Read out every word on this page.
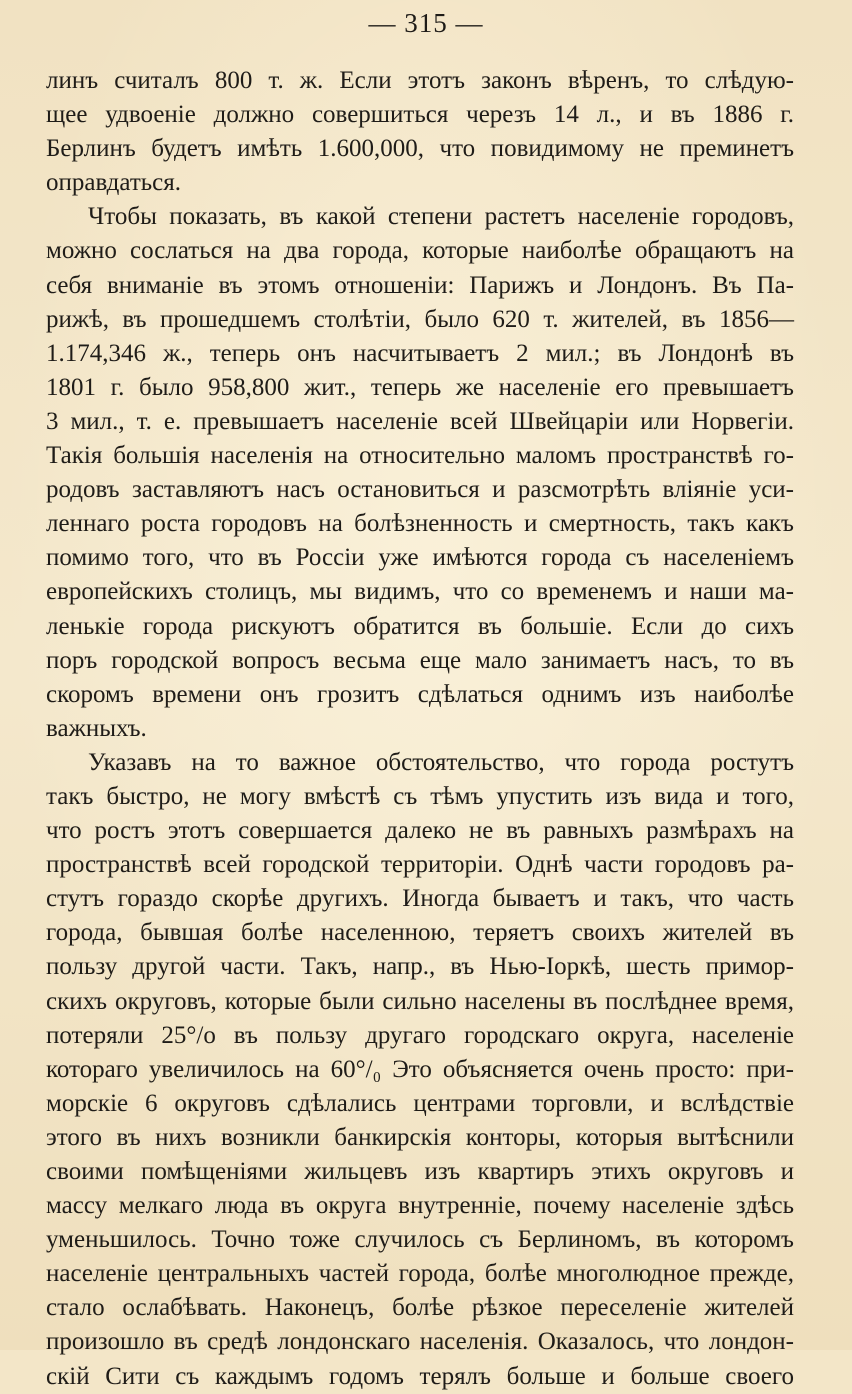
— 315 —
линъ считалъ 800 т. ж. Если этотъ законъ вѣренъ, то слѣдую-
щее удвоеніе должно совершиться черезъ 14 л., и въ 1886 г.
Берлинъ будетъ имѣть 1.600,000, что повидимому не преминетъ
оправдаться.
Чтобы показать, въ какой степени растетъ населеніе городовъ,
можно сослаться на два города, которые наиболѣе обращаютъ на
себя вниманіе въ этомъ отношеніи: Парижъ и Лондонъ. Въ Па-
рижѣ, въ прошедшемъ столѣтіи, было 620 т. жителей, въ 1856—
1.174,346 ж., теперь онъ насчитываетъ 2 мил.; въ Лондонѣ въ
1801 г. было 958,800 жит., теперь же населеніе его превышаетъ
3 мил., т. е. превышаетъ населеніе всей Швейцаріи или Норвегіи.
Такія большія населенія на относительно маломъ пространствѣ го-
родовъ заставляютъ насъ остановиться и разсмотрѣть вліяніе уси-
леннаго роста городовъ на болѣзненность и смертность, такъ какъ
помимо того, что въ Россіи уже имѣются города съ населеніемъ
европейскихъ столицъ, мы видимъ, что со временемъ и наши ма-
ленькіе города рискуютъ обратится въ большіе. Если до сихъ
поръ городской вопросъ весьма еще мало занимаетъ насъ, то въ
скоромъ времени онъ грозитъ сдѣлаться однимъ изъ наиболѣе
важныхъ.
Указавъ на то важное обстоятельство, что города ростутъ
такъ быстро, не могу вмѣстѣ съ тѣмъ упустить изъ вида и того,
что ростъ этотъ совершается далеко не въ равныхъ размѣрахъ на
пространствѣ всей городской территоріи. Однѣ части городовъ ра-
стутъ гораздо скорѣе другихъ. Иногда бываетъ и такъ, что часть
города, бывшая болѣе населенною, теряетъ своихъ жителей въ
пользу другой части. Такъ, напр., въ Нью-Іоркѣ, шесть примор-
скихъ округовъ, которые были сильно населены въ послѣднее время,
потеряли 25°/о въ пользу другаго городскаго округа, населеніе
котораго увеличилось на 60°/₀ Это объясняется очень просто: при-
морскіе 6 округовъ сдѣлались центрами торговли, и вслѣдствіе
этого въ нихъ возникли банкирскія конторы, которыя вытѣснили
своими помѣщеніями жильцевъ изъ квартиръ этихъ округовъ и
массу мелкаго люда въ округа внутренніе, почему населеніе здѣсь
уменьшилось. Точно тоже случилось съ Берлиномъ, въ которомъ
населеніе центральныхъ частей города, болѣе многолюдное прежде,
стало ослабѣвать. Наконецъ, болѣе рѣзкое переселеніе жителей
произошло въ средѣ лондонскаго населенія. Оказалось, что лондон-
скій Сити съ каждымъ годомъ терялъ больше и больше своего
